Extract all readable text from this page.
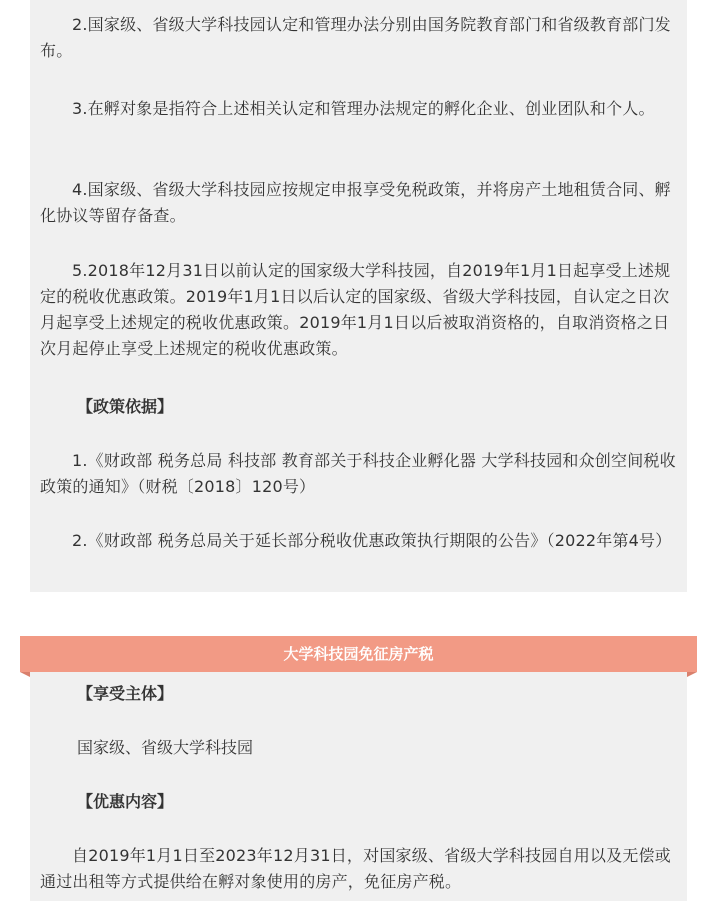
2.国家级、省级大学科技园认定和管理办法分别由国务院教育部门和省级教育部门发布。

3.在孵对象是指符合上述相关认定和管理办法规定的孵化企业、创业团队和个人。

4.国家级、省级大学科技园应按规定申报享受免税政策，并将房产土地租赁合同、孵化协议等留存备查。

5.2018年12月31日以前认定的国家级大学科技园，自2019年1月1日起享受上述规定的税收优惠政策。2019年1月1日以后认定的国家级、省级大学科技园，自认定之日次月起享受上述规定的税收优惠政策。2019年1月1日以后被取消资格的，自取消资格之日次月起停止享受上述规定的税收优惠政策。

【政策依据】

1.《财政部 税务总局 科技部 教育部关于科技企业孵化器 大学科技园和众创空间税收政策的通知》（财税〔2018〕120号）

2.《财政部 税务总局关于延长部分税收优惠政策执行期限的公告》（2022年第4号）

大学科技园免征房产税

【享受主体】

国家级、省级大学科技园

【优惠内容】

自2019年1月1日至2023年12月31日，对国家级、省级大学科技园自用以及无偿或通过出租等方式提供给在孵对象使用的房产，免征房产税。
